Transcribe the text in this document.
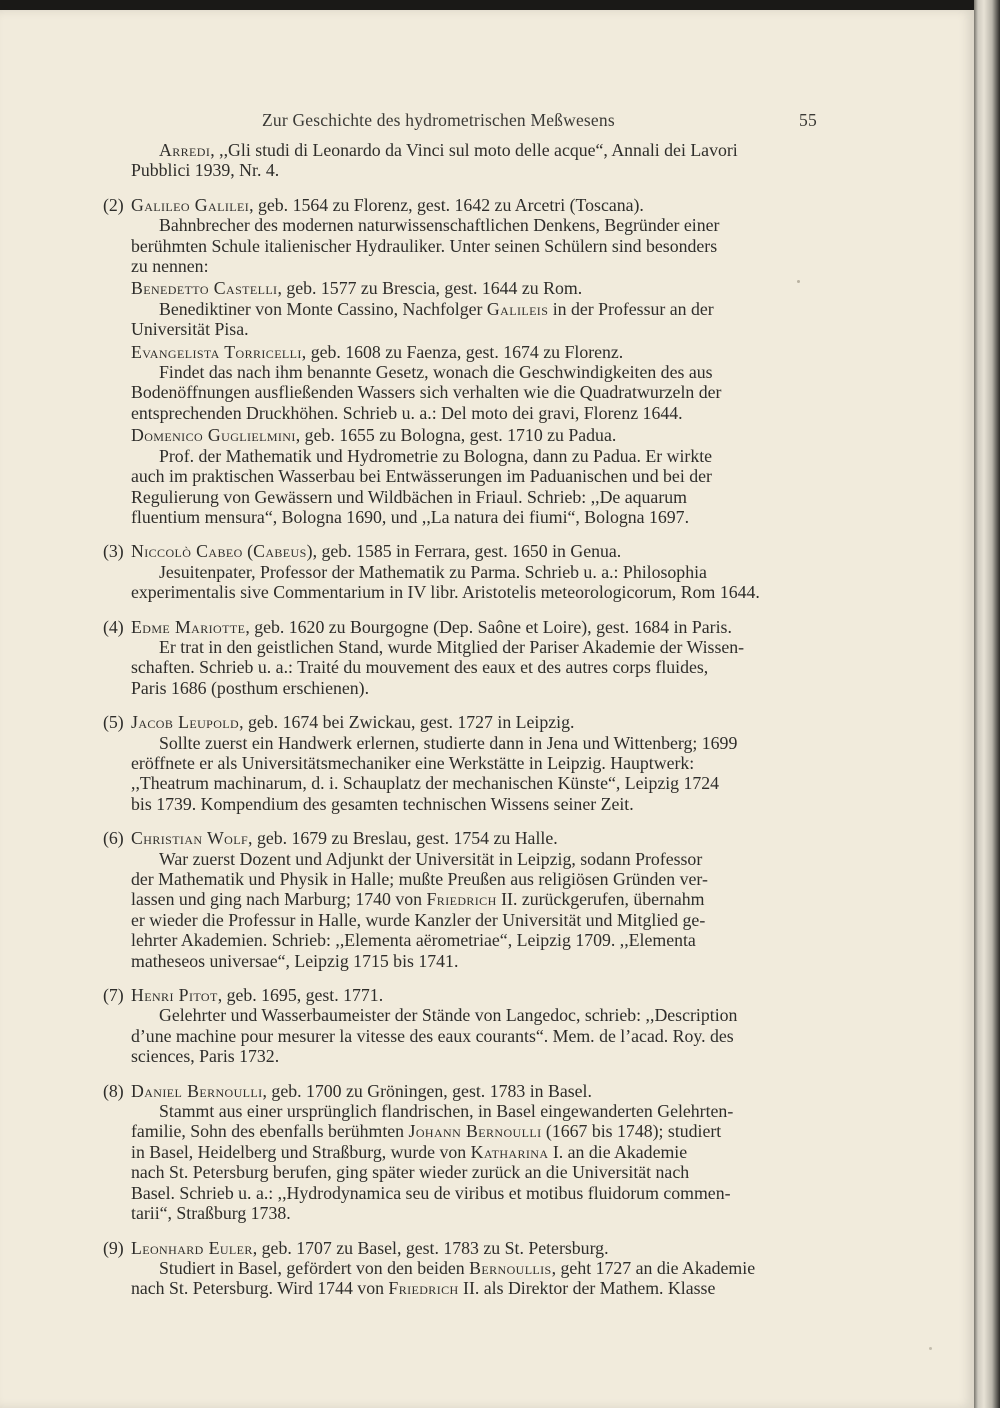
Zur Geschichte des hydrometrischen Meßwesens	55
Arredi, ,,Gli studi di Leonardo da Vinci sul moto delle acque“, Annali dei Lavori
Pubblici 1939, Nr. 4.
(2) Galileo Galilei, geb. 1564 zu Florenz, gest. 1642 zu Arcetri (Toscana).
Bahnbrecher des modernen naturwissenschaftlichen Denkens, Begründer einer
berühmten Schule italienischer Hydrauliker. Unter seinen Schülern sind besonders
zu nennen:
Benedetto Castelli, geb. 1577 zu Brescia, gest. 1644 zu Rom.
Benediktiner von Monte Cassino, Nachfolger Galileis in der Professur an der
Universität Pisa.
Evangelista Torricelli, geb. 1608 zu Faenza, gest. 1674 zu Florenz.
Findet das nach ihm benannte Gesetz, wonach die Geschwindigkeiten des aus
Bodenöffnungen ausfließenden Wassers sich verhalten wie die Quadratwurzeln der
entsprechenden Druckhöhen. Schrieb u. a.: Del moto dei gravi, Florenz 1644.
Domenico Guglielmini, geb. 1655 zu Bologna, gest. 1710 zu Padua.
Prof. der Mathematik und Hydrometrie zu Bologna, dann zu Padua. Er wirkte
auch im praktischen Wasserbau bei Entwässerungen im Paduanischen und bei der
Regulierung von Gewässern und Wildbächen in Friaul. Schrieb: ,,De aquarum
fluentium mensura“, Bologna 1690, und ,,La natura dei fiumi“, Bologna 1697.
(3) Niccolò Cabeo (Cabeus), geb. 1585 in Ferrara, gest. 1650 in Genua.
Jesuitenpater, Professor der Mathematik zu Parma. Schrieb u. a.: Philosophia
experimentalis sive Commentarium in IV libr. Aristotelis meteorologicorum, Rom 1644.
(4) Edme Mariotte, geb. 1620 zu Bourgogne (Dep. Saône et Loire), gest. 1684 in Paris.
Er trat in den geistlichen Stand, wurde Mitglied der Pariser Akademie der Wissen-
schaften. Schrieb u. a.: Traité du mouvement des eaux et des autres corps fluides,
Paris 1686 (posthum erschienen).
(5) Jacob Leupold, geb. 1674 bei Zwickau, gest. 1727 in Leipzig.
Sollte zuerst ein Handwerk erlernen, studierte dann in Jena und Wittenberg; 1699
eröffnete er als Universitätsmechaniker eine Werkstätte in Leipzig. Hauptwerk:
,,Theatrum machinarum, d. i. Schauplatz der mechanischen Künste“, Leipzig 1724
bis 1739. Kompendium des gesamten technischen Wissens seiner Zeit.
(6) Christian Wolf, geb. 1679 zu Breslau, gest. 1754 zu Halle.
War zuerst Dozent und Adjunkt der Universität in Leipzig, sodann Professor
der Mathematik und Physik in Halle; mußte Preußen aus religiösen Gründen ver-
lassen und ging nach Marburg; 1740 von Friedrich II. zurückgerufen, übernahm
er wieder die Professur in Halle, wurde Kanzler der Universität und Mitglied ge-
lehrter Akademien. Schrieb: ,,Elementa aërometriae“, Leipzig 1709. ,,Elementa
matheseos universae“, Leipzig 1715 bis 1741.
(7) Henri Pitot, geb. 1695, gest. 1771.
Gelehrter und Wasserbaumeister der Stände von Langedoc, schrieb: ,,Description
d’une machine pour mesurer la vitesse des eaux courants“. Mem. de l’acad. Roy. des
sciences, Paris 1732.
(8) Daniel Bernoulli, geb. 1700 zu Gröningen, gest. 1783 in Basel.
Stammt aus einer ursprünglich flandrischen, in Basel eingewanderten Gelehrten-
familie, Sohn des ebenfalls berühmten Johann Bernoulli (1667 bis 1748); studiert
in Basel, Heidelberg und Straßburg, wurde von Katharina I. an die Akademie
nach St. Petersburg berufen, ging später wieder zurück an die Universität nach
Basel. Schrieb u. a.: ,,Hydrodynamica seu de viribus et motibus fluidorum commen-
tarii“, Straßburg 1738.
(9) Leonhard Euler, geb. 1707 zu Basel, gest. 1783 zu St. Petersburg.
Studiert in Basel, gefördert von den beiden Bernoullis, geht 1727 an die Akademie
nach St. Petersburg. Wird 1744 von Friedrich II. als Direktor der Mathem. Klasse
